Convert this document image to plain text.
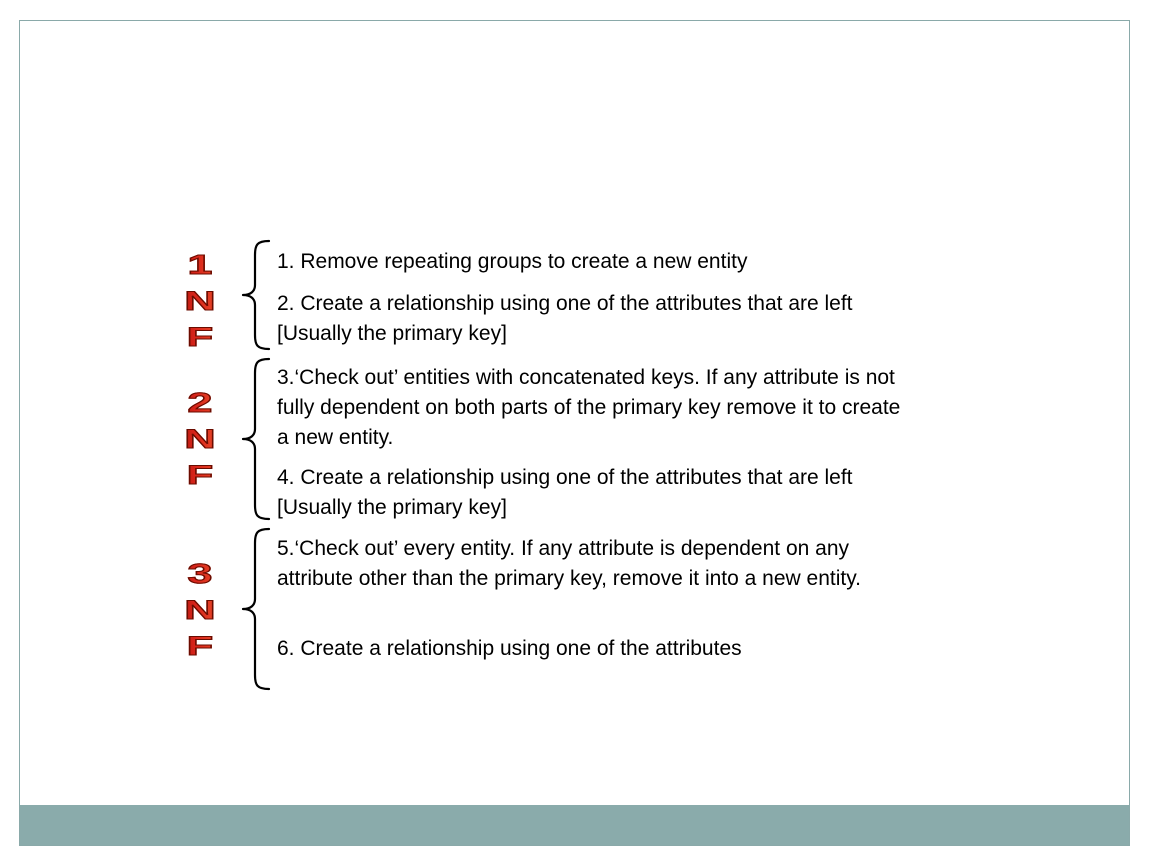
1
N
F

1. Remove repeating groups to create a new entity

2. Create a relationship using one of the attributes that are left [Usually the primary key]

2
N
F

3.‘Check out’ entities with concatenated keys. If any attribute is not fully dependent on both parts of the primary key remove it to create a new entity.

4. Create a relationship using one of the attributes that are left [Usually the primary key]

3
N
F

5.‘Check out’ every entity. If any attribute is dependent on any attribute other than the primary key, remove it into a new entity.

6. Create a relationship using one of the attributes
